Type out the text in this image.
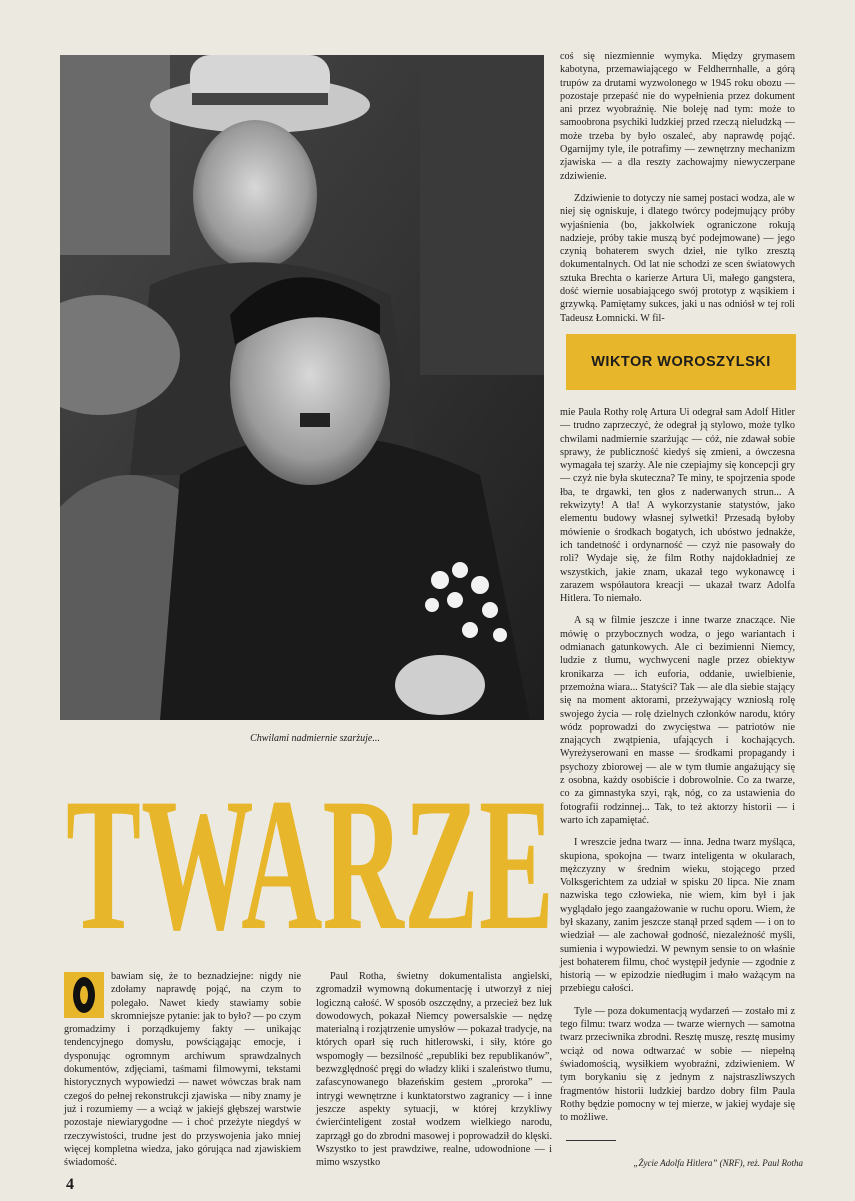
Chwilami nadmiernie szarżuje...
TWARZE

coś się niezmiennie wymyka. Między grymasem kabotyna, przemawiającego w Feldherrnhalle, a górą trupów za drutami wyzwolonego w 1945 roku obozu — pozostaje przepaść nie do wypełnienia przez dokument ani przez wyobraźnię. Nie boleję nad tym: może to samoobrona psychiki ludzkiej przed rzeczą nieludzką — może trzeba by było oszaleć, aby naprawdę pojąć. Ogarnijmy tyle, ile potrafimy — zewnętrzny mechanizm zjawiska — a dla reszty zachowajmy niewyczerpane zdziwienie.

Zdziwienie to dotyczy nie samej postaci wodza, ale w niej się ogniskuje, i dlatego twórcy podejmujący próby wyjaśnienia (bo, jakkolwiek ograniczone rokują nadzieje, próby takie muszą być podejmowane) — jego czynią bohaterem swych dzieł, nie tylko zresztą dokumentalnych. Od lat nie schodzi ze scen światowych sztuka Brechta o karierze Artura Ui, małego gangstera, dość wiernie uosabiającego swój prototyp z wąsikiem i grzywką. Pamiętamy sukces, jaki u nas odniósł w tej roli Tadeusz Łomnicki. W fil-

WIKTOR WOROSZYLSKI

mie Paula Rothy rolę Artura Ui odegrał sam Adolf Hitler — trudno zaprzeczyć, że odegrał ją stylowo, może tylko chwilami nadmiernie szarżując — cóż, nie zdawał sobie sprawy, że publiczność kiedyś się zmieni, a ówczesna wymagała tej szarży. Ale nie czepiajmy się koncepcji gry — czyż nie była skuteczna? Te miny, te spojrzenia spode łba, te drgawki, ten głos z naderwanych strun... A rekwizyty! A tła! A wykorzystanie statystów, jako elementu budowy własnej sylwetki! Przesadą byłoby mówienie o środkach bogatych, ich ubóstwo jednakże, ich tandetność i ordynarność — czyż nie pasowały do roli? Wydaje się, że film Rothy najdokładniej ze wszystkich, jakie znam, ukazał tego wykonawcę i zarazem współautora kreacji — ukazał twarz Adolfa Hitlera. To niemało.

A są w filmie jeszcze i inne twarze znaczące. Nie mówię o przybocznych wodza, o jego wariantach i odmianach gatunkowych. Ale ci bezimienni Niemcy, ludzie z tłumu, wychwyceni nagle przez obiektyw kronikarza — ich euforia, oddanie, uwielbienie, przemożna wiara... Statyści? Tak — ale dla siebie stający się na moment aktorami, przeżywający wzniosłą rolę swojego życia — rolę dzielnych członków narodu, który wódz poprowadzi do zwycięstwa — patriotów nie znających zwątpienia, ufających i kochających. Wyreżyserowani en masse — środkami propagandy i psychozy zbiorowej — ale w tym tłumie angażujący się z osobna, każdy osobiście i dobrowolnie. Co za twarze, co za gimnastyka szyi, rąk, nóg, co za ustawienia do fotografii rodzinnej... Tak, to też aktorzy historii — i warto ich zapamiętać.

I wreszcie jedna twarz — inna. Jedna twarz myśląca, skupiona, spokojna — twarz inteligenta w okularach, mężczyzny w średnim wieku, stojącego przed Volksgerichtem za udział w spisku 20 lipca. Nie znam nazwiska tego człowieka, nie wiem, kim był i jak wyglądało jego zaangażowanie w ruchu oporu. Wiem, że był skazany, zanim jeszcze stanął przed sądem — i on to wiedział — ale zachował godność, niezależność myśli, sumienia i wypowiedzi. W pewnym sensie to on właśnie jest bohaterem filmu, choć występił jedynie — zgodnie z historią — w epizodzie niedługim i mało ważącym na przebiegu całości.

Tyle — poza dokumentacją wydarzeń — zostało mi z tego filmu: twarz wodza — twarze wiernych — samotna twarz przeciwnika zbrodni. Resztę muszę, resztę musimy wciąż od nowa odtwarzać w sobie — niepełną świadomością, wysiłkiem wyobraźni, zdziwieniem. W tym borykaniu się z jednym z najstraszliwszych fragmentów historii ludzkiej bardzo dobry film Paula Rothy będzie pomocny w tej mierze, w jakiej wydaje się to możliwe.

bawiam się, że to beznadziejne: nigdy nie zdołamy naprawdę pojąć, na czym to polegało. Nawet kiedy stawiamy sobie skromniejsze pytanie: jak to było? — po czym gromadzimy i porządkujemy fakty — unikając tendencyjnego domysłu, powściągając emocje, i dysponując ogromnym archiwum sprawdzalnych dokumentów, zdjęciami, taśmami filmowymi, tekstami historycznych wypowiedzi — nawet wówczas brak nam czegoś do pełnej rekonstrukcji zjawiska — niby znamy je już i rozumiemy — a wciąż w jakiejś głębszej warstwie pozostaje niewiarygodne — i choć przeżyte niegdyś w rzeczywistości, trudne jest do przyswojenia jako mniej więcej kompletna wiedza, jako górująca nad zjawiskiem świadomość.

Paul Rotha, świetny dokumentalista angielski, zgromadził wymowną dokumentację i utworzył z niej logiczną całość. W sposób oszczędny, a przecież bez luk dowodowych, pokazał Niemcy powersalskie — nędzę materialną i rozjątrzenie umysłów — pokazał tradycje, na których oparł się ruch hitlerowski, i siły, które go wspomogły — bezsilność „republiki bez republikanów”, bezwzględność pręgi do władzy kliki i szaleństwo tłumu, zafascynowanego błazeńskim gestem „proroka” — intrygi wewnętrzne i kunktatorstwo zagranicy — i inne jeszcze aspekty sytuacji, w której krzykliwy ćwierćinteligent został wodzem wielkiego narodu, zaprzągł go do zbrodni masowej i poprowadził do klęski. Wszystko to jest prawdziwe, realne, udowodnione — i mimo wszystko	„Życie Adolfa Hitlera” (NRF), reż. Paul Rotha
4
